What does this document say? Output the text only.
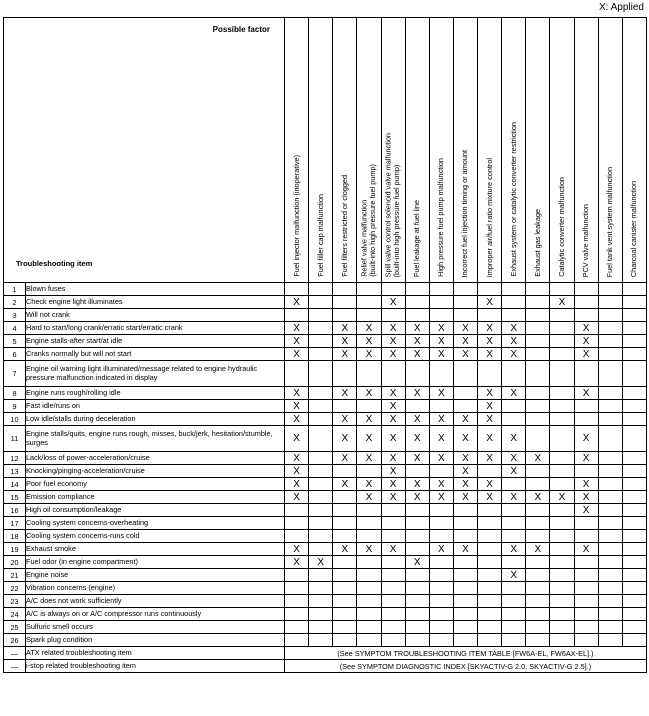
X: Applied
Possible factor
Troubleshooting item		Fuel injector malfunction (inoperative)	Fuel filler cap malfunction	Fuel filters restricted or clogged	Relief valve malfunction
(built-into high pressure fuel pump)	Spill valve control solenoid valve malfunction
(built-into high pressure fuel pump)	Fuel leakage at fuel line	High pressure fuel pump malfunction	Incorrect fuel injection timing or amount	Improper air/fuel ratio mixture control	Exhaust system or catalytic converter restriction	Exhaust gas leakage	Catalytic converter malfunction	PCV valve malfunction	Fuel tank vent system malfunction	Charcoal canister malfunction

1	Blown fuses															
2	Check engine light illuminates	X				X				X			X			
3	Will not crank															
4	Hard to start/long crank/erratic start/erratic crank	X		X	X	X	X	X	X	X	X			X		
5	Engine stalls-after start/at idle	X		X	X	X	X	X	X	X	X			X		
6	Cranks normally but will not start	X		X	X	X	X	X	X	X	X			X		
7	Engine oil warning light illuminated/message related to engine hydraulic pressure malfunction indicated in display															
8	Engine runs rough/rolling idle	X		X	X	X	X	X		X	X			X		
9	Fast idle/runs on	X				X				X						
10	Low idle/stalls during deceleration	X		X	X	X	X	X	X	X						
11	Engine stalls/quits, engine runs rough, misses, buck/jerk, hesitation/stumble, surges	X		X	X	X	X	X	X	X	X			X		
12	Lack/loss of power-acceleration/cruise	X		X	X	X	X	X	X	X	X	X		X		
13	Knocking/pinging-acceleration/cruise	X				X			X		X					
14	Poor fuel economy	X		X	X	X	X	X	X	X				X		
15	Emission compliance	X			X	X	X	X	X	X	X	X	X	X		
16	High oil consumption/leakage													X		
17	Cooling system concerns-overheating															
18	Cooling system concerns-runs cold															
19	Exhaust smoke	X		X	X	X		X	X		X	X		X		
20	Fuel odor (in engine compartment)	X	X				X									
21	Engine noise										X					
22	Vibration concerns (engine)															
23	A/C does not work sufficiently															
24	A/C is always on or A/C compressor runs continuously															
25	Sulfuric smell occurs															
26	Spark plug condition															
—	ATX related troubleshooting item	(See SYMPTOM TROUBLESHOOTING ITEM TABLE [FW6A-EL, FW6AX-EL].)														
—	i-stop related troubleshooting item	(See SYMPTOM DIAGNOSTIC INDEX [SKYACTIV-G 2.0, SKYACTIV-G 2.5].)														
